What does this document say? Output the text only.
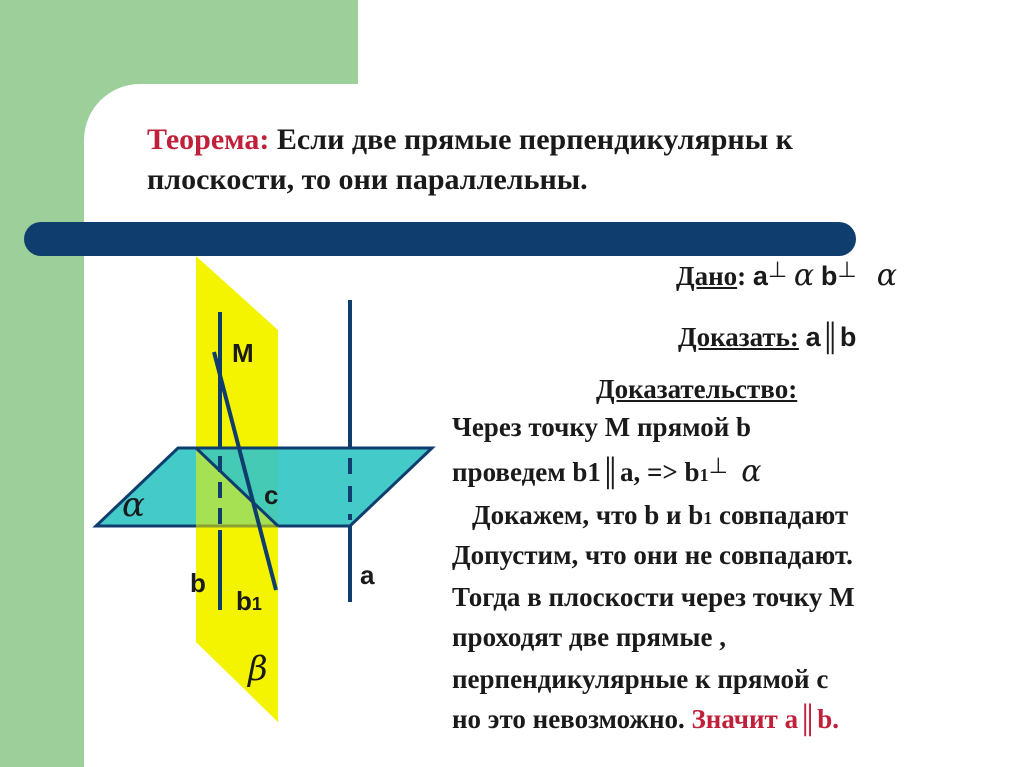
Теорема: Если две прямые перпендикулярны к
плоскости, то они параллельны.
Дано: a⊥ α b⊥ α
Доказать: a║b
Доказательство:
Через точку М прямой b
проведем b1║а, => b1⊥ α
Докажем, что b и b1 совпадают
Допустим, что они не совпадают.
Тогда в плоскости через точку М
проходят две прямые ,
перпендикулярные к прямой с
но это невозможно. Значит а║b.
M
c
b
b1
a
α
β
